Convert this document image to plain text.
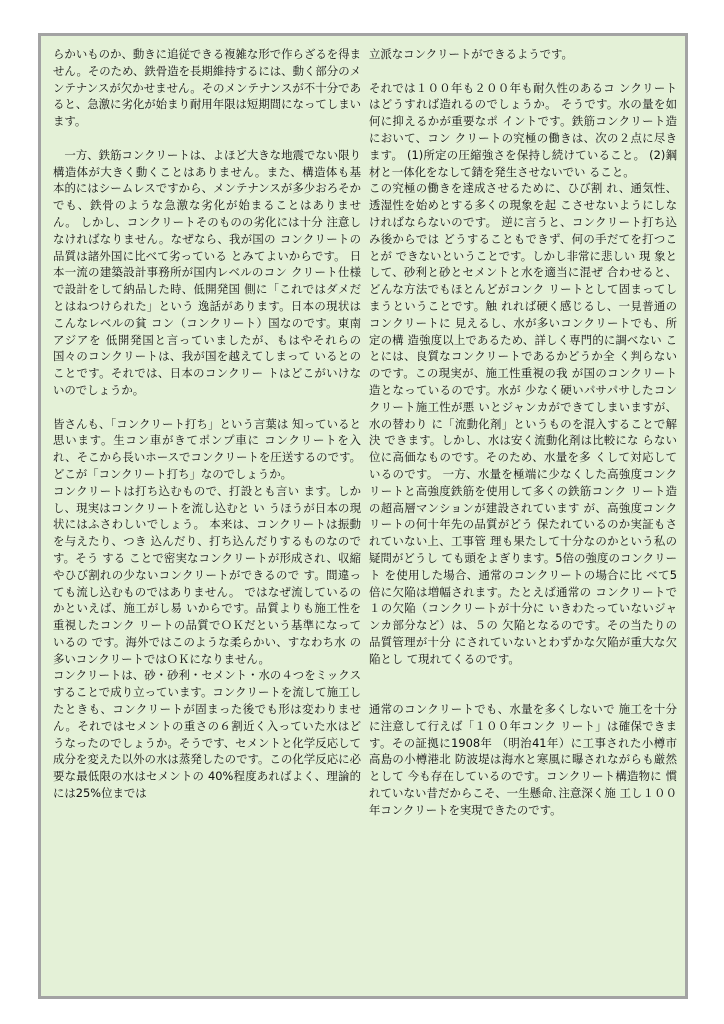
らかいものか、動きに追従できる複雑な形で作らざるを得ません。そのため、鉄骨造を長期維持するには、動く部分のメンテナンスが欠かせません。そのメンテナンスが不十分であると、急激に劣化が始まり耐用年限は短期間になってしまいます。

　一方、鉄筋コンクリートは、よほど大きな地震でない限り構造体が大きく動くことはありません。また、構造体も基本的にはシームレスですから、メンテナンスが多少おろそかでも、鉄骨のような急激な劣化が始まることはありません。 しかし、コンクリートそのものの劣化には十分 注意しなければなりません。なぜなら、我が国の コンクリートの品質は諸外国に比べて劣っている とみてよいからです。 日本一流の建築設計事務所が国内レベルのコン クリート仕様で設計をして納品した時、低開発国 側に「これではダメだとはねつけられた」という 逸話があります。日本の現状はこんなレベルの貧 コン（コンクリート）国なのです。東南アジアを 低開発国と言っていましたが、もはやそれらの 国々のコンクリートは、我が国を越えてしまって いるとのことです。それでは、日本のコンクリー トはどこがいけないのでしょうか。

皆さんも、「コンクリート打ち」という言葉は 知っていると思います。生コン車がきてポンプ車に コンクリートを入れ、そこから長いホースでコンクリートを圧送するのです。どこが「コンクリート打ち」なのでしょうか。

コンクリートは打ち込むもので、打設とも言い ます。しかし、現実はコンクリートを流し込むと い うほうが日本の現状にはふさわしいでしょう。 本来は、コンクリートは振動を与えたり、つき 込んだり、打ち込んだりするものなのです。そう する ことで密実なコンクリートが形成され、収縮 やひび割れの少ないコンクリートができるので す。間違っても流し込むものではありません。 ではなぜ流しているのかといえば、施工がし易 いからです。品質よりも施工性を重視したコンク リートの品質でＯＫだという基準になっているの です。海外ではこのような柔らかい、すなわち水 の多いコンクリートではＯＫになりません。

コンクリートは、砂・砂利・セメント・水の４つをミックスすることで成り立っています。コンクリートを流して施工したときも、コンクリートが固まった後でも形は変わりません。それではセメントの重さの６割近く入っていた水はどうなったのでしょうか。そうです、セメントと化学反応して成分を変えた以外の水は蒸発したのです。この化学反応に必要な最低限の水はセメントの 40%程度あればよく、理論的には25%位までは

立派なコンクリートができるようです。

それでは１００年も２００年も耐久性のあるコ ンクリートはどうすれば造れるのでしょうか。 そうです。水の量を如何に抑えるかが重要なポ イントです。鉄筋コンクリート造において、コン クリートの究極の働きは、次の２点に尽きます。 (1)所定の圧縮強さを保持し続けていること。 (2)鋼材と一体化をなして錆を発生させないでい ること。

この究極の働きを達成させるために、ひび割 れ、通気性、透湿性を始めとする多くの現象を起 こさせないようにしなければならないのです。 逆に言うと、コンクリート打ち込み後からでは どうすることもできず、何の手だてを打つことが できないということです。しかし非常に悲しい 現 象として、砂利と砂とセメントと水を適当に混ぜ 合わせると、どんな方法でもほとんどがコンク リートとして固まってしまうということです。触 れれば硬く感じるし、一見普通のコンクリートに 見えるし、水が多いコンクリートでも、所定の構 造強度以上であるため、詳しく専門的に調べない ことには、良質なコンクリートであるかどうか全 く判らないのです。この現実が、施工性重視の我 が国のコンクリート造となっているのです。水が 少なく硬いパサパサしたコンクリート施工性が悪 いとジャンカができてしまいますが、水の替わり に「流動化剤」というものを混入することで解決 できます。しかし、水は安く流動化剤は比較にな らない位に高価なものです。そのため、水量を多 くして対応しているのです。 一方、水量を極端に少なくした高強度コンク リートと高強度鉄筋を使用して多くの鉄筋コンク リート造の超高層マンションが建設されています が、高強度コンクリートの何十年先の品質がどう 保たれているのか実証もされていない上、工事管 理も果たして十分なのかという私の疑問がどうし ても頭をよぎります。5倍の強度のコンクリート を使用した場合、通常のコンクリートの場合に比 べて5倍に欠陥は増幅されます。たとえば通常の コンクリートで１の欠陥（コンクリートが十分に いきわたっていないジャンカ部分など）は、５の 欠陥となるのです。その当たりの品質管理が十分 にされていないとわずかな欠陥が重大な欠陥とし て現れてくるのです。

通常のコンクリートでも、水量を多くしないで 施工を十分に注意して行えば「１００年コンク リート」は確保できます。その証拠に1908年 （明治41年）に工事された小樽市高島の小樽港北 防波堤は海水と寒風に曝されながらも厳然として 今も存在しているのです。コンクリート構造物に 慣れていない昔だからこそ、一生懸命､注意深く施 工し１００年コンクリートを実現できたのです。
